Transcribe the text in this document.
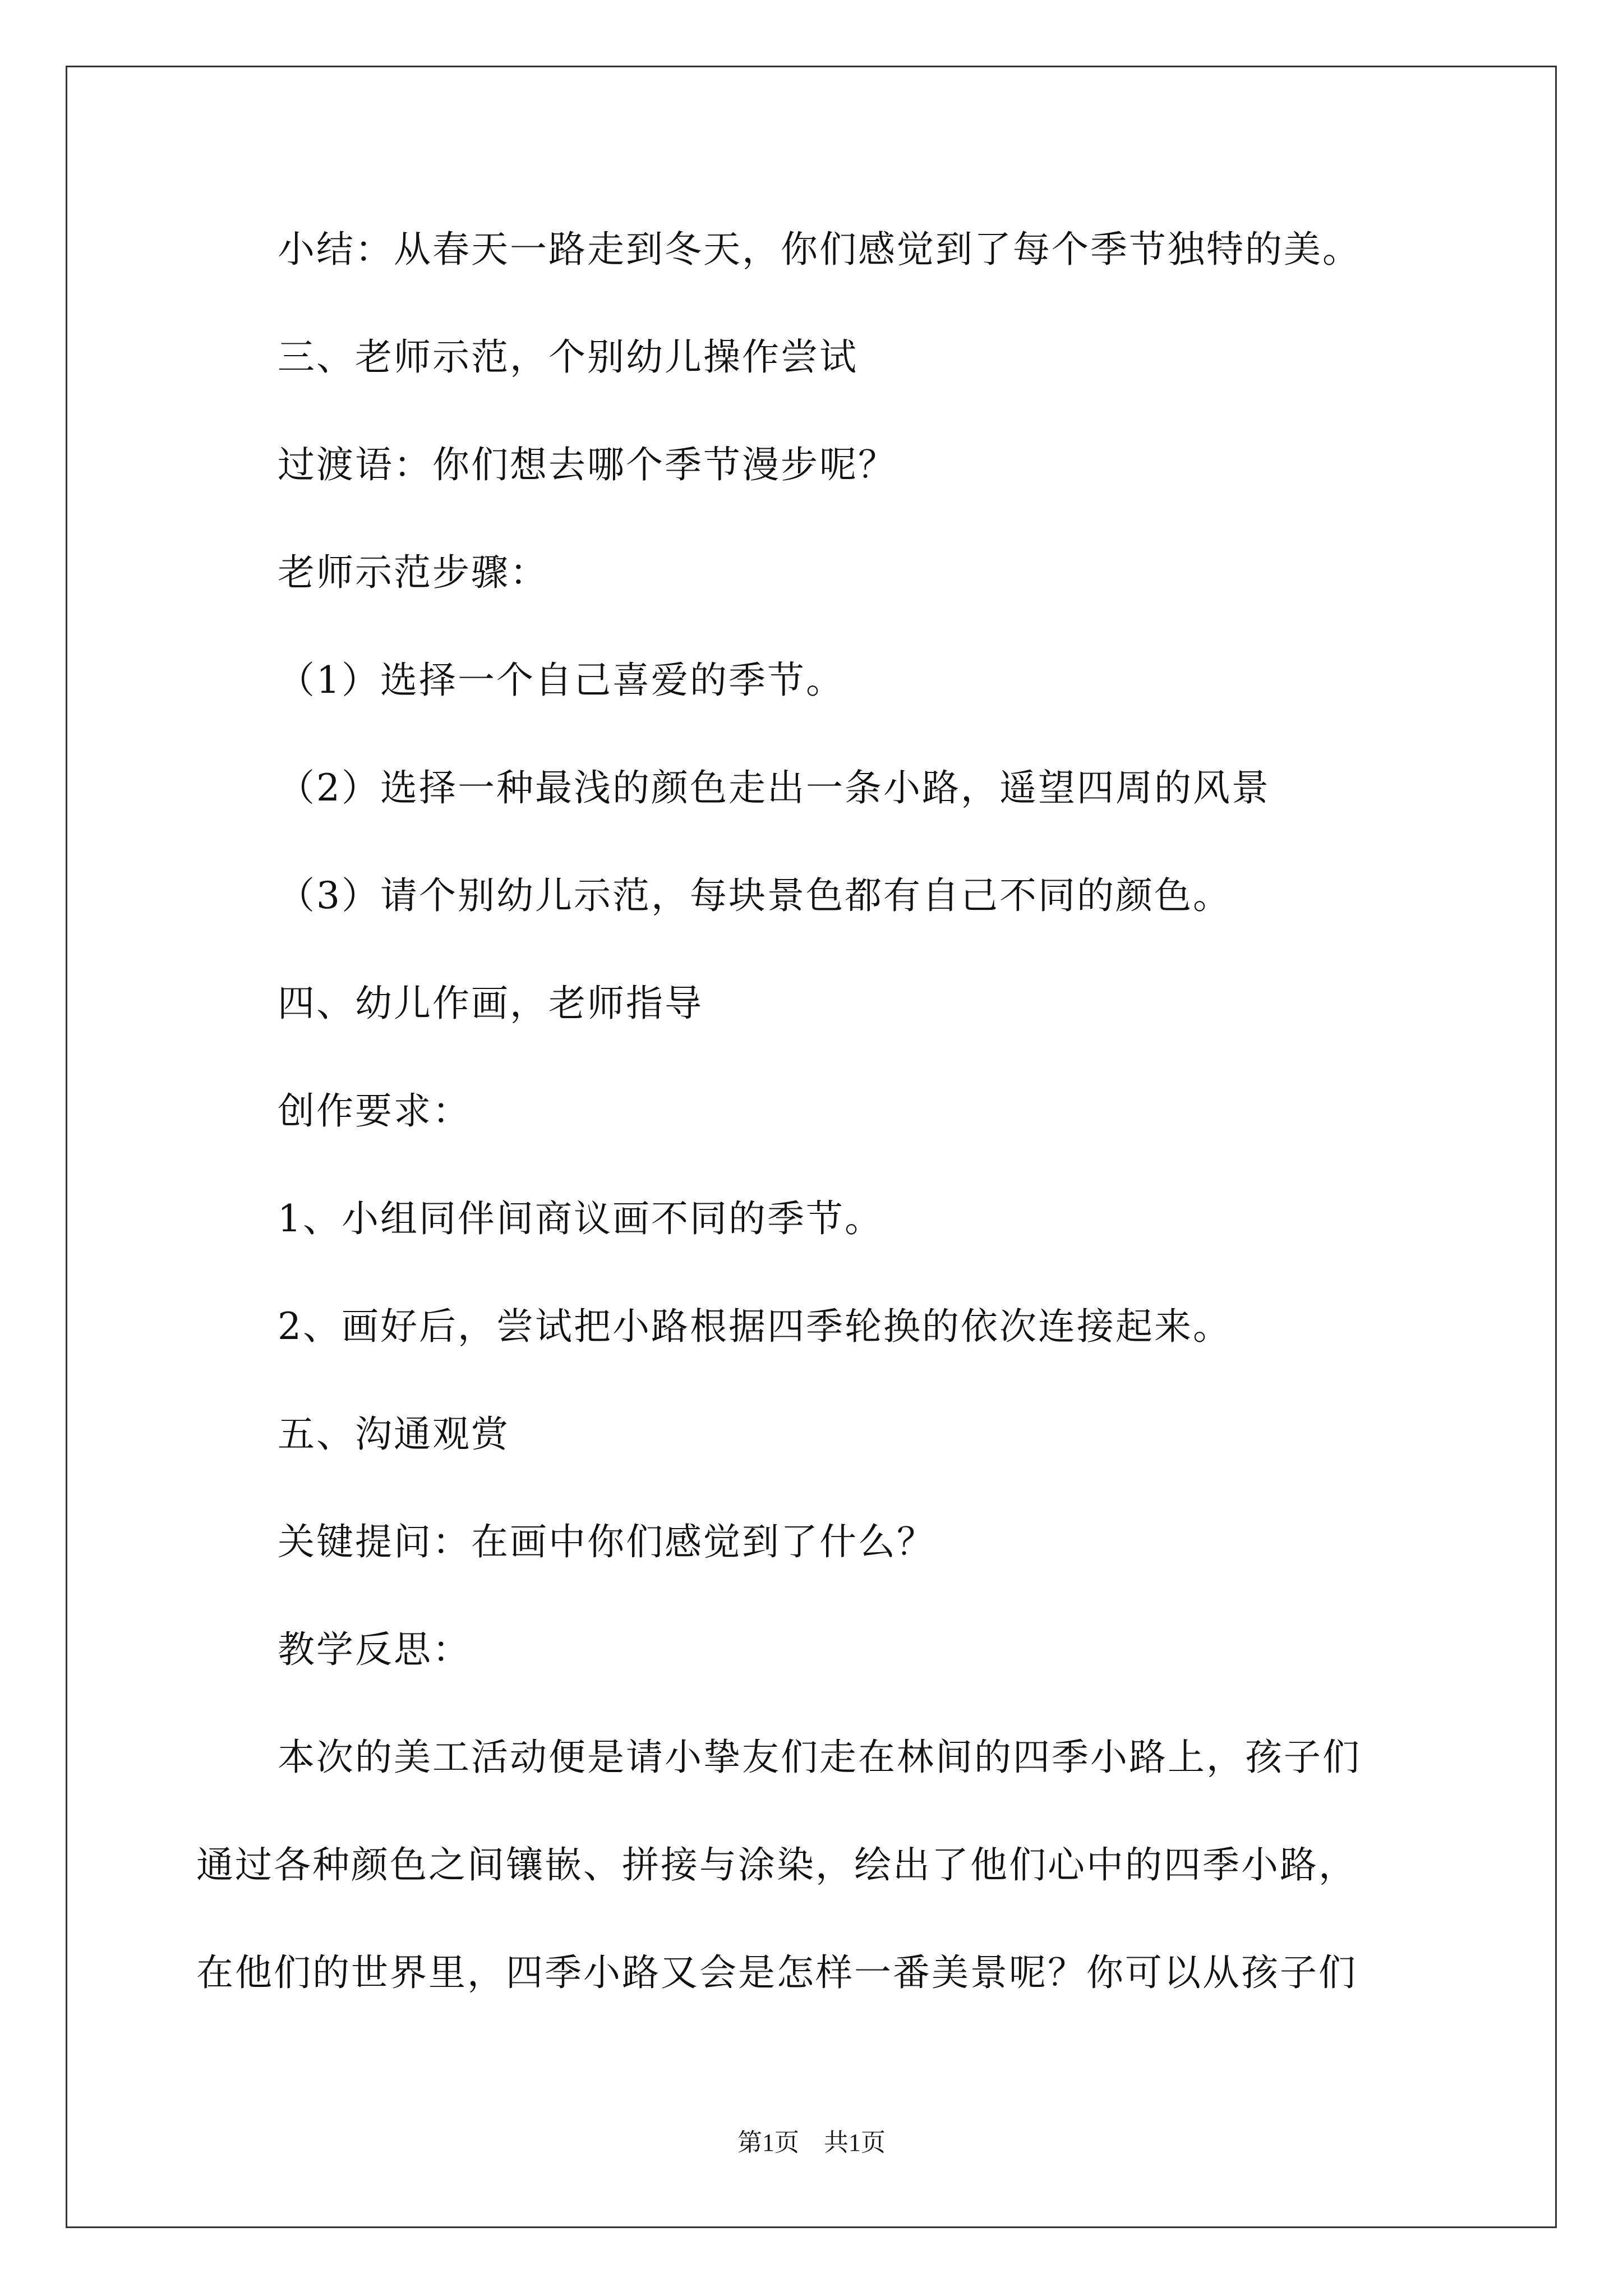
小结：从春天一路走到冬天，你们感觉到了每个季节独特的美。
三、老师示范，个别幼儿操作尝试
过渡语：你们想去哪个季节漫步呢？
老师示范步骤：
（1）选择一个自己喜爱的季节。
（2）选择一种最浅的颜色走出一条小路，遥望四周的风景
（3）请个别幼儿示范，每块景色都有自己不同的颜色。
四、幼儿作画，老师指导
创作要求：
1、小组同伴间商议画不同的季节。
2、画好后，尝试把小路根据四季轮换的依次连接起来。
五、沟通观赏
关键提问：在画中你们感觉到了什么？
教学反思：
本次的美工活动便是请小挚友们走在林间的四季小路上，孩子们
通过各种颜色之间镶嵌、拼接与涂染，绘出了他们心中的四季小路，
在他们的世界里，四季小路又会是怎样一番美景呢？你可以从孩子们
第1页　共1页
